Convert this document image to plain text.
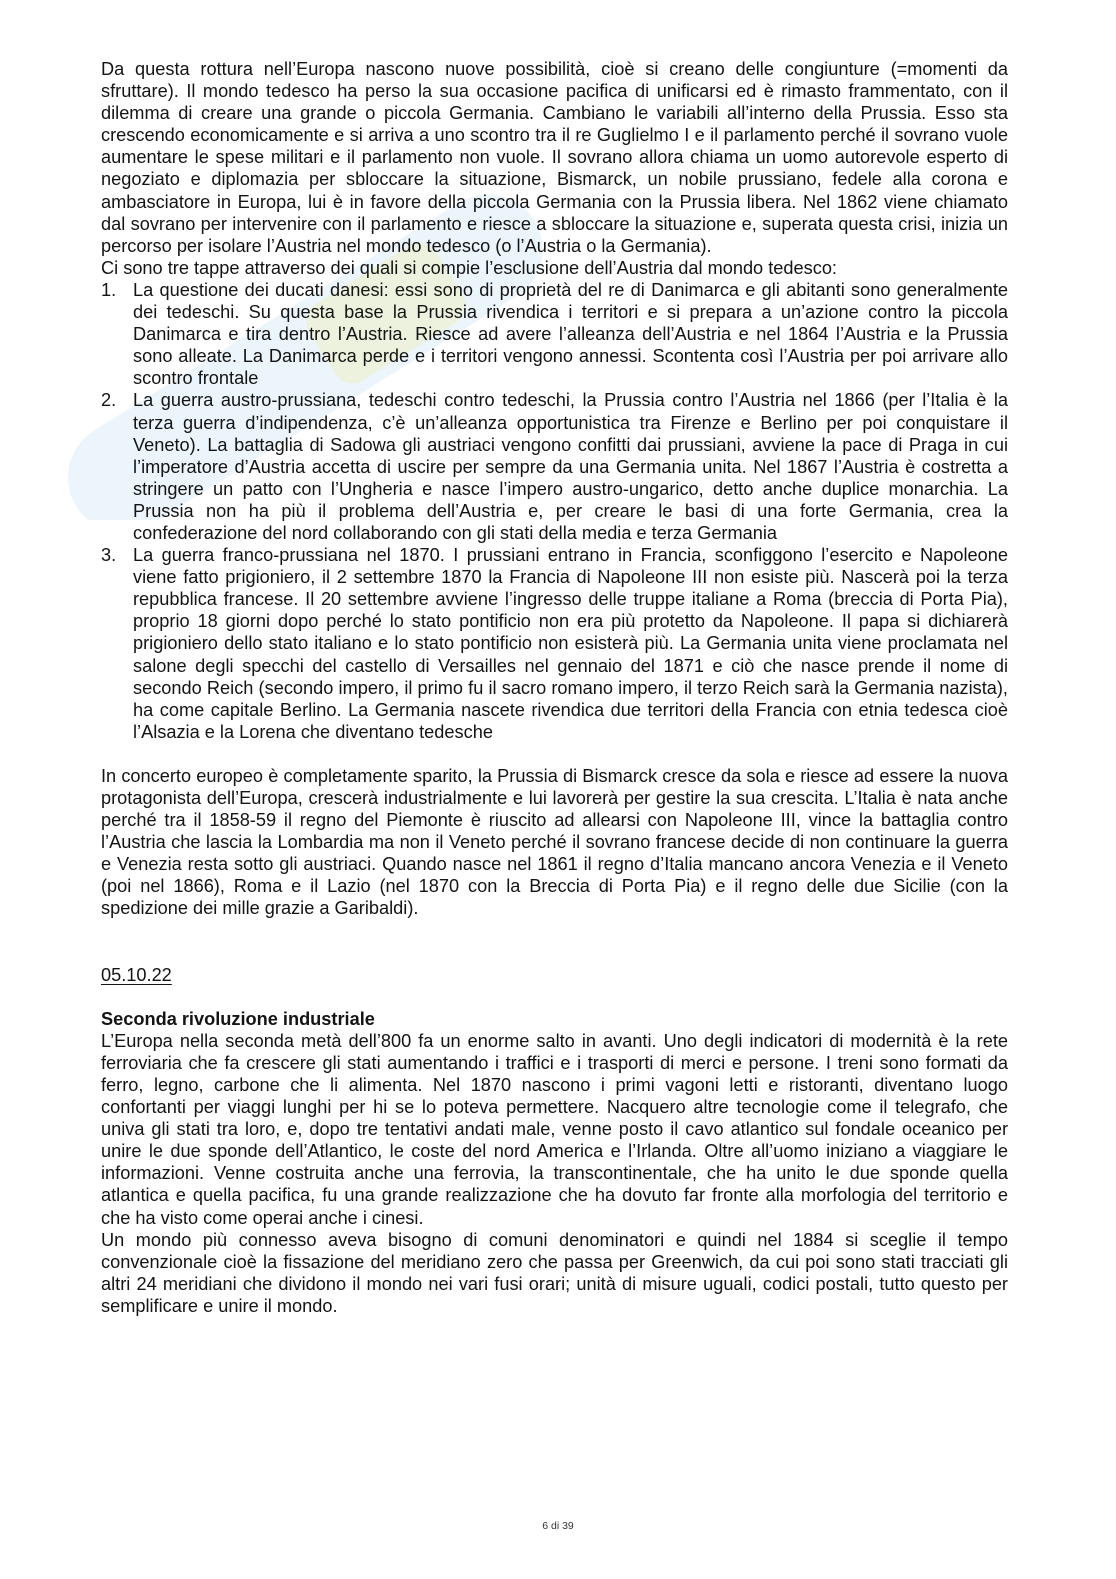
Da questa rottura nell’Europa nascono nuove possibilità, cioè si creano delle congiunture (=momenti da sfruttare). Il mondo tedesco ha perso la sua occasione pacifica di unificarsi ed è rimasto frammentato, con il dilemma di creare una grande o piccola Germania. Cambiano le variabili all’interno della Prussia. Esso sta crescendo economicamente e si arriva a uno scontro tra il re Guglielmo I e il parlamento perché il sovrano vuole aumentare le spese militari e il parlamento non vuole. Il sovrano allora chiama un uomo autorevole esperto di negoziato e diplomazia per sbloccare la situazione, Bismarck, un nobile prussiano, fedele alla corona e ambasciatore in Europa, lui è in favore della piccola Germania con la Prussia libera. Nel 1862 viene chiamato dal sovrano per intervenire con il parlamento e riesce a sbloccare la situazione e, superata questa crisi, inizia un percorso per isolare l’Austria nel mondo tedesco (o l’Austria o la Germania).

Ci sono tre tappe attraverso dei quali si compie l’esclusione dell’Austria dal mondo tedesco:

1. La questione dei ducati danesi: essi sono di proprietà del re di Danimarca e gli abitanti sono generalmente dei tedeschi. Su questa base la Prussia rivendica i territori e si prepara a un’azione contro la piccola Danimarca e tira dentro l’Austria. Riesce ad avere l’alleanza dell’Austria e nel 1864 l’Austria e la Prussia sono alleate. La Danimarca perde e i territori vengono annessi. Scontenta così l’Austria per poi arrivare allo scontro frontale
2. La guerra austro-prussiana, tedeschi contro tedeschi, la Prussia contro l’Austria nel 1866 (per l’Italia è la terza guerra d’indipendenza, c’è un’alleanza opportunistica tra Firenze e Berlino per poi conquistare il Veneto). La battaglia di Sadowa gli austriaci vengono confitti dai prussiani, avviene la pace di Praga in cui l’imperatore d’Austria accetta di uscire per sempre da una Germania unita. Nel 1867 l’Austria è costretta a stringere un patto con l’Ungheria e nasce l’impero austro-ungarico, detto anche duplice monarchia. La Prussia non ha più il problema dell’Austria e, per creare le basi di una forte Germania, crea la confederazione del nord collaborando con gli stati della media e terza Germania
3. La guerra franco-prussiana nel 1870. I prussiani entrano in Francia, sconfiggono l’esercito e Napoleone viene fatto prigioniero, il 2 settembre 1870 la Francia di Napoleone III non esiste più. Nascerà poi la terza repubblica francese. Il 20 settembre avviene l’ingresso delle truppe italiane a Roma (breccia di Porta Pia), proprio 18 giorni dopo perché lo stato pontificio non era più protetto da Napoleone. Il papa si dichiarerà prigioniero dello stato italiano e lo stato pontificio non esisterà più. La Germania unita viene proclamata nel salone degli specchi del castello di Versailles nel gennaio del 1871 e ciò che nasce prende il nome di secondo Reich (secondo impero, il primo fu il sacro romano impero, il terzo Reich sarà la Germania nazista), ha come capitale Berlino. La Germania nascete rivendica due territori della Francia con etnia tedesca cioè l’Alsazia e la Lorena che diventano tedesche

In concerto europeo è completamente sparito, la Prussia di Bismarck cresce da sola e riesce ad essere la nuova protagonista dell’Europa, crescerà industrialmente e lui lavorerà per gestire la sua crescita. L’Italia è nata anche perché tra il 1858-59 il regno del Piemonte è riuscito ad allearsi con Napoleone III, vince la battaglia contro l’Austria che lascia la Lombardia ma non il Veneto perché il sovrano francese decide di non continuare la guerra e Venezia resta sotto gli austriaci. Quando nasce nel 1861 il regno d’Italia mancano ancora Venezia e il Veneto (poi nel 1866), Roma e il Lazio (nel 1870 con la Breccia di Porta Pia) e il regno delle due Sicilie (con la spedizione dei mille grazie a Garibaldi).

05.10.22

Seconda rivoluzione industriale

L’Europa nella seconda metà dell’800 fa un enorme salto in avanti. Uno degli indicatori di modernità è la rete ferroviaria che fa crescere gli stati aumentando i traffici e i trasporti di merci e persone. I treni sono formati da ferro, legno, carbone che li alimenta. Nel 1870 nascono i primi vagoni letti e ristoranti, diventano luogo confortanti per viaggi lunghi per hi se lo poteva permettere. Nacquero altre tecnologie come il telegrafo, che univa gli stati tra loro, e, dopo tre tentativi andati male, venne posto il cavo atlantico sul fondale oceanico per unire le due sponde dell’Atlantico, le coste del nord America e l’Irlanda. Oltre all’uomo iniziano a viaggiare le informazioni. Venne costruita anche una ferrovia, la transcontinentale, che ha unito le due sponde quella atlantica e quella pacifica, fu una grande realizzazione che ha dovuto far fronte alla morfologia del territorio e che ha visto come operai anche i cinesi.

Un mondo più connesso aveva bisogno di comuni denominatori e quindi nel 1884 si sceglie il tempo convenzionale cioè la fissazione del meridiano zero che passa per Greenwich, da cui poi sono stati tracciati gli altri 24 meridiani che dividono il mondo nei vari fusi orari; unità di misure uguali, codici postali, tutto questo per semplificare e unire il mondo.

6 di 39
